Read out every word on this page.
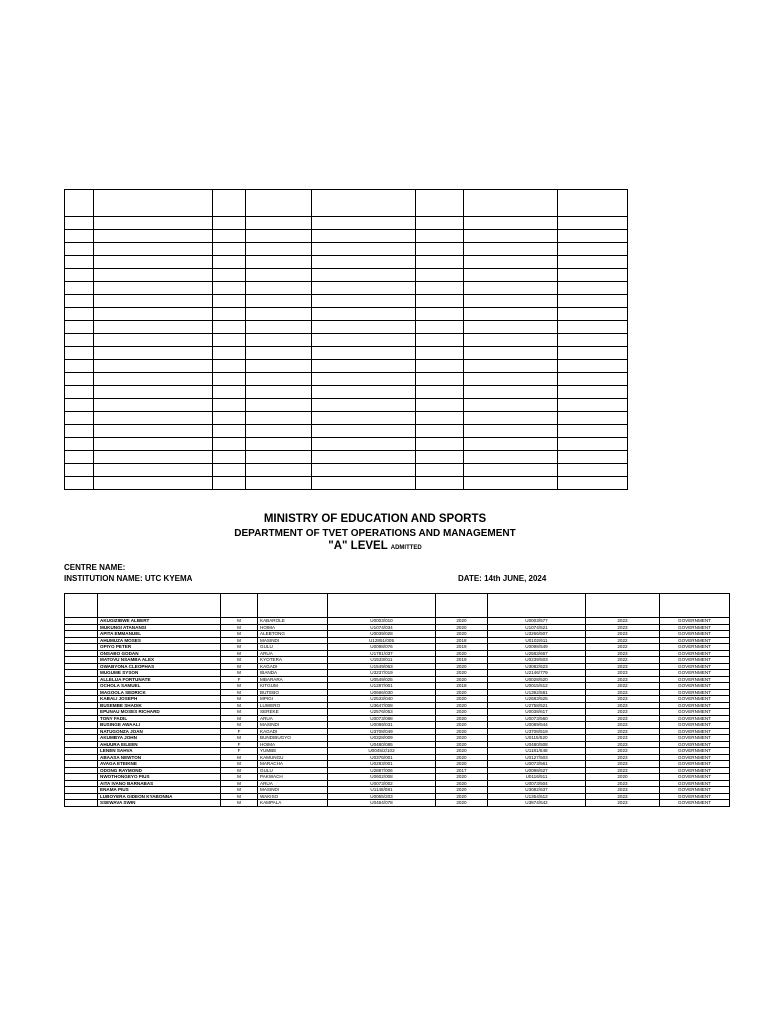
MINISTRY OF EDUCATION AND SPORTS
DEPARTMENT OF TVET OPERATIONS AND MANAGEMENT
"A" LEVEL ADMITTED
CENTRE NAME:
INSTITUTION NAME: UTC KYEMA	DATE: 14th JUNE, 2024

	AKUGIZIBWE ALBERT	M	KABAROLE	U0003/010	2020	U0003/577	2023	GOVERNMENT
	MUKUNGI ATANANSI	M	HOIMA	U1074/034	2020	U1074/521	2023	GOVERNMENT
	APITA EMMANUEL	M	ALEBTONG	U0039/028	2020	U3266/507	2023	GOVERNMENT
	AHUMUZA MOSES	M	MASINDI	U12851/005	2018	U0102/611	2022	GOVERNMENT
	OPIYO PETER	M	GULU	U0098/076	2019	U0098/549	2022	GOVERNMENT
	ONSABO GODAN	M	ARUA	U1781/037	2020	U2583/667	2023	GOVERNMENT
	MATOVU NSAMBA ALEX	M	KYOTERA	U1533/011	2019	U0239/503	2022	GOVERNMENT
	OWABYONA CLEOPHAS	M	KAGADI	U1549/063	2020	U3082/623	2023	GOVERNMENT
	MUGUME SYSON	M	IBANDA	U3237/019	2020	U2146/779	2023	GOVERNMENT
	ALLELUA FORTUNATE	F	MBARARA	U0549/025	2020	U0028/520	2023	GOVERNMENT
	OCHOLA SAMUEL	M	KITGUM	U1287/001	2018	U0015/512	2022	GOVERNMENT
	MAGOOLA SEDRICK	M	BUTEBO	U0666/030	2020	U1392/581	2023	GOVERNMENT
	KABALI JOSEPH	M	MPIGI	U2533/040	2020	U2683/525	2023	GOVERNMENT
	BUSEMBE SHADIK	M	LUWERO	U3647/008	2020	U2758/521	2023	GOVERNMENT
	EPUNAU MOSES RICHARD	M	SEREKE	U2576/053	2020	U0038/617	2023	GOVERNMENT
	TONY FADIL	M	ARUA	U0073/088	2020	U0073/560	2023	GOVERNMENT
	BUSINGE AWAALI	M	MASINDI	U0089/031	2020	U0089/544	2023	GOVERNMENT
	NATUGONZA JOAN	F	KAGADI	U3708/049	2020	U3708/519	2023	GOVERNMENT
	AKUMBYA JOHN	M	BUNDIBUGYO	U0328/009	2020	U0115/520	2023	GOVERNMENT
	AHUURA EILEEN	F	HOIMA	U0480/085	2020	U0480/508	2023	GOVERNMENT
	LENEN SAHVA	F	YUMBE	U0045/2/102	2020	U1181/548	2023	GOVERNMENT
	ABAASA NEWTON	M	KAMUNGU	U0376/001	2020	U0127/503	2023	GOVERNMENT
	AVAGA ETEIKNE	M	MARACHA	U0283/001	2020	U0073/561	2023	GOVERNMENT
	ODONG RAYMOND	M	GULU	U2887/006	2017	U0098/527	2023	GOVERNMENT
	NWOTHONGEYO PIUS	M	PAKWACH	U0602/008	2020	U0116/511	2020	GOVERNMENT
	AITA IVANO BARNABAS	M	ARUA	U0073/002	2020	U0073/504	2023	GOVERNMENT
	ENAMA PIUS	M	MASINDI	U1148/081	2020	U3082/637	2023	GOVERNMENT
	LUBOYERA GIDEON KYABONNA	M	WAKISO	U0065/203	2020	U1354/612	2023	GOVERNMENT
	SSEWAVA SWIN	M	KAMPALA	U0464/078	2020	U3874/542	2023	GOVERNMENT
